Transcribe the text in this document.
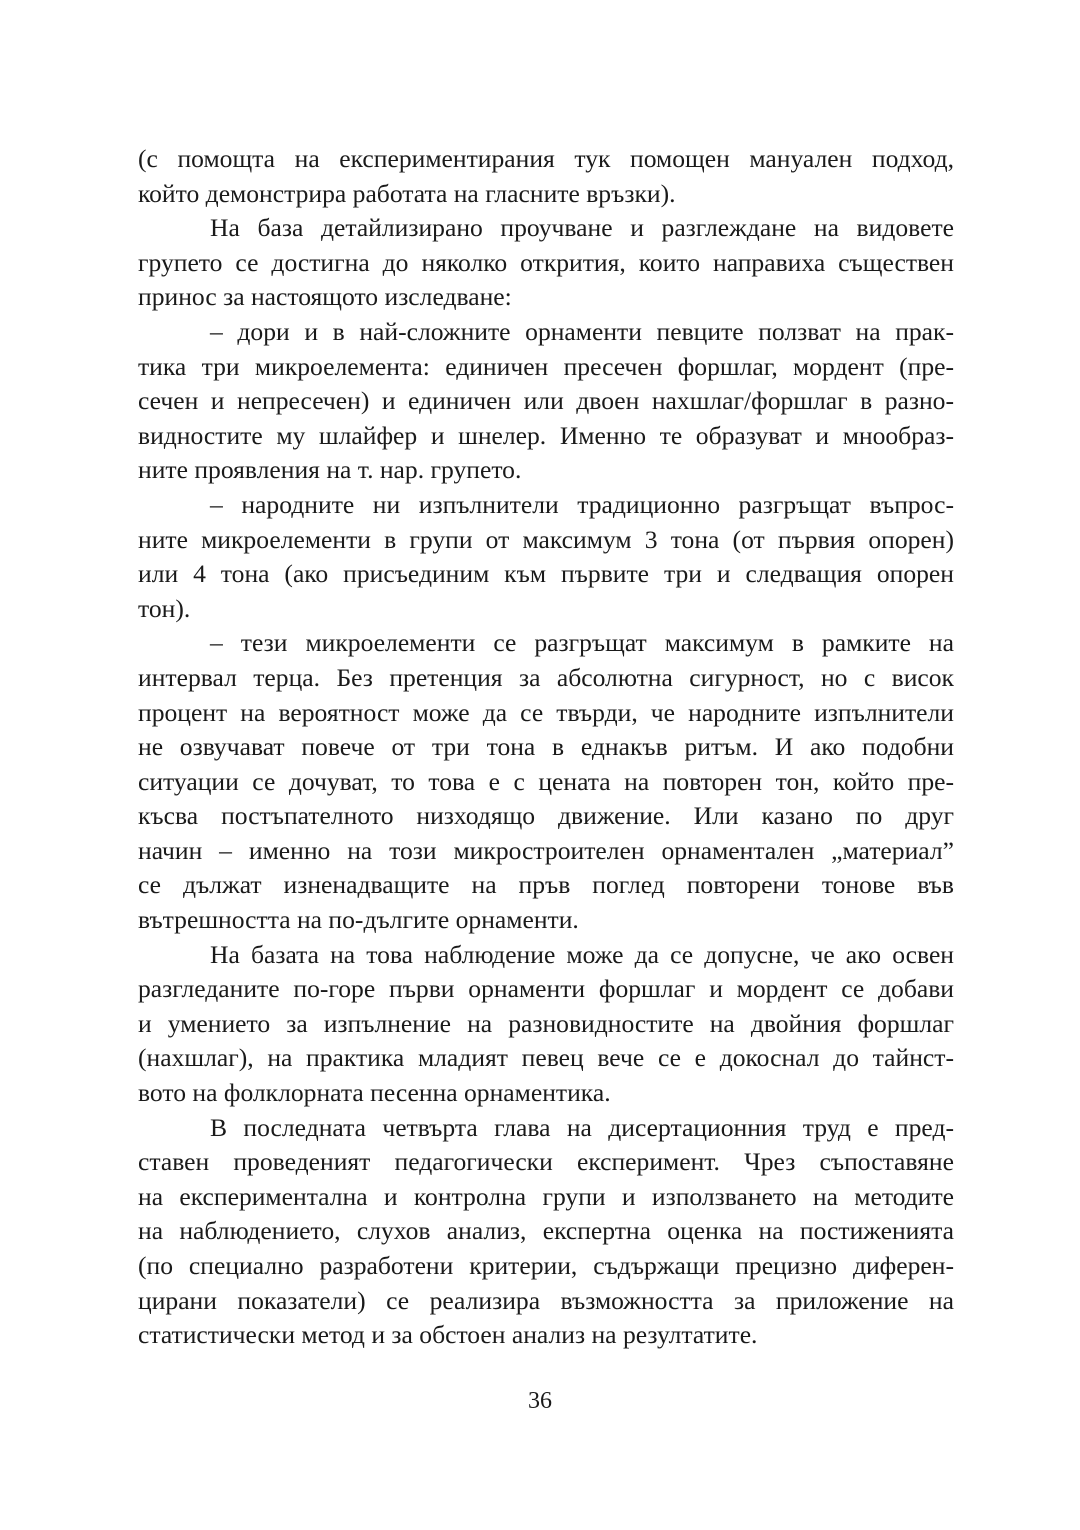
(с помощта на експериментирания тук помощен мануален подход,
който демонстрира работата на гласните връзки).
На база детайлизирано проучване и разглеждане на видовете
групето се достигна до няколко открития, които направиха съществен
принос за настоящото изследване:
– дори и в най-сложните орнаменти певците ползват на прак-
тика три микроелемента: единичен пресечен форшлаг, мордент (пре-
сечен и непресечен) и единичен или двоен нахшлаг/форшлаг в разно-
видностите му шлайфер и шнелер. Именно те образуват и мнообраз-
ните проявления на т. нар. групето.
– народните ни изпълнители традиционно разгръщат въпрос-
ните микроелементи в групи от максимум 3 тона (от първия опорен)
или 4 тона (ако присъединим към първите три и следващия опорен
тон).
– тези микроелементи се разгръщат максимум в рамките на
интервал терца. Без претенция за абсолютна сигурност, но с висок
процент на вероятност може да се твърди, че народните изпълнители
не озвучават повече от три тона в еднакъв ритъм. И ако подобни
ситуации се дочуват, то това е с цената на повторен тон, който пре-
късва постъпателното низходящо движение. Или казано по друг
начин – именно на този микростроителен орнаментален „материал”
се дължат изненадващите на пръв поглед повторени тонове във
вътрешността на по-дългите орнаменти.
На базата на това наблюдение може да се допусне, че ако освен
разгледаните по-горе първи орнаменти форшлаг и мордент се добави
и умението за изпълнение на разновидностите на двойния форшлаг
(нахшлаг), на практика младият певец вече се е докоснал до тайнст-
вото на фолклорната песенна орнаментика.
В последната четвърта глава на дисертационния труд е пред-
ставен проведеният педагогически експеримент. Чрез съпоставяне
на експериментална и контролна групи и използването на методите
на наблюдението, слухов анализ, експертна оценка на постиженията
(по специално разработени критерии, съдържащи прецизно диферен-
цирани показатели) се реализира възможността за приложение на
статистически метод и за обстоен анализ на резултатите.
36
